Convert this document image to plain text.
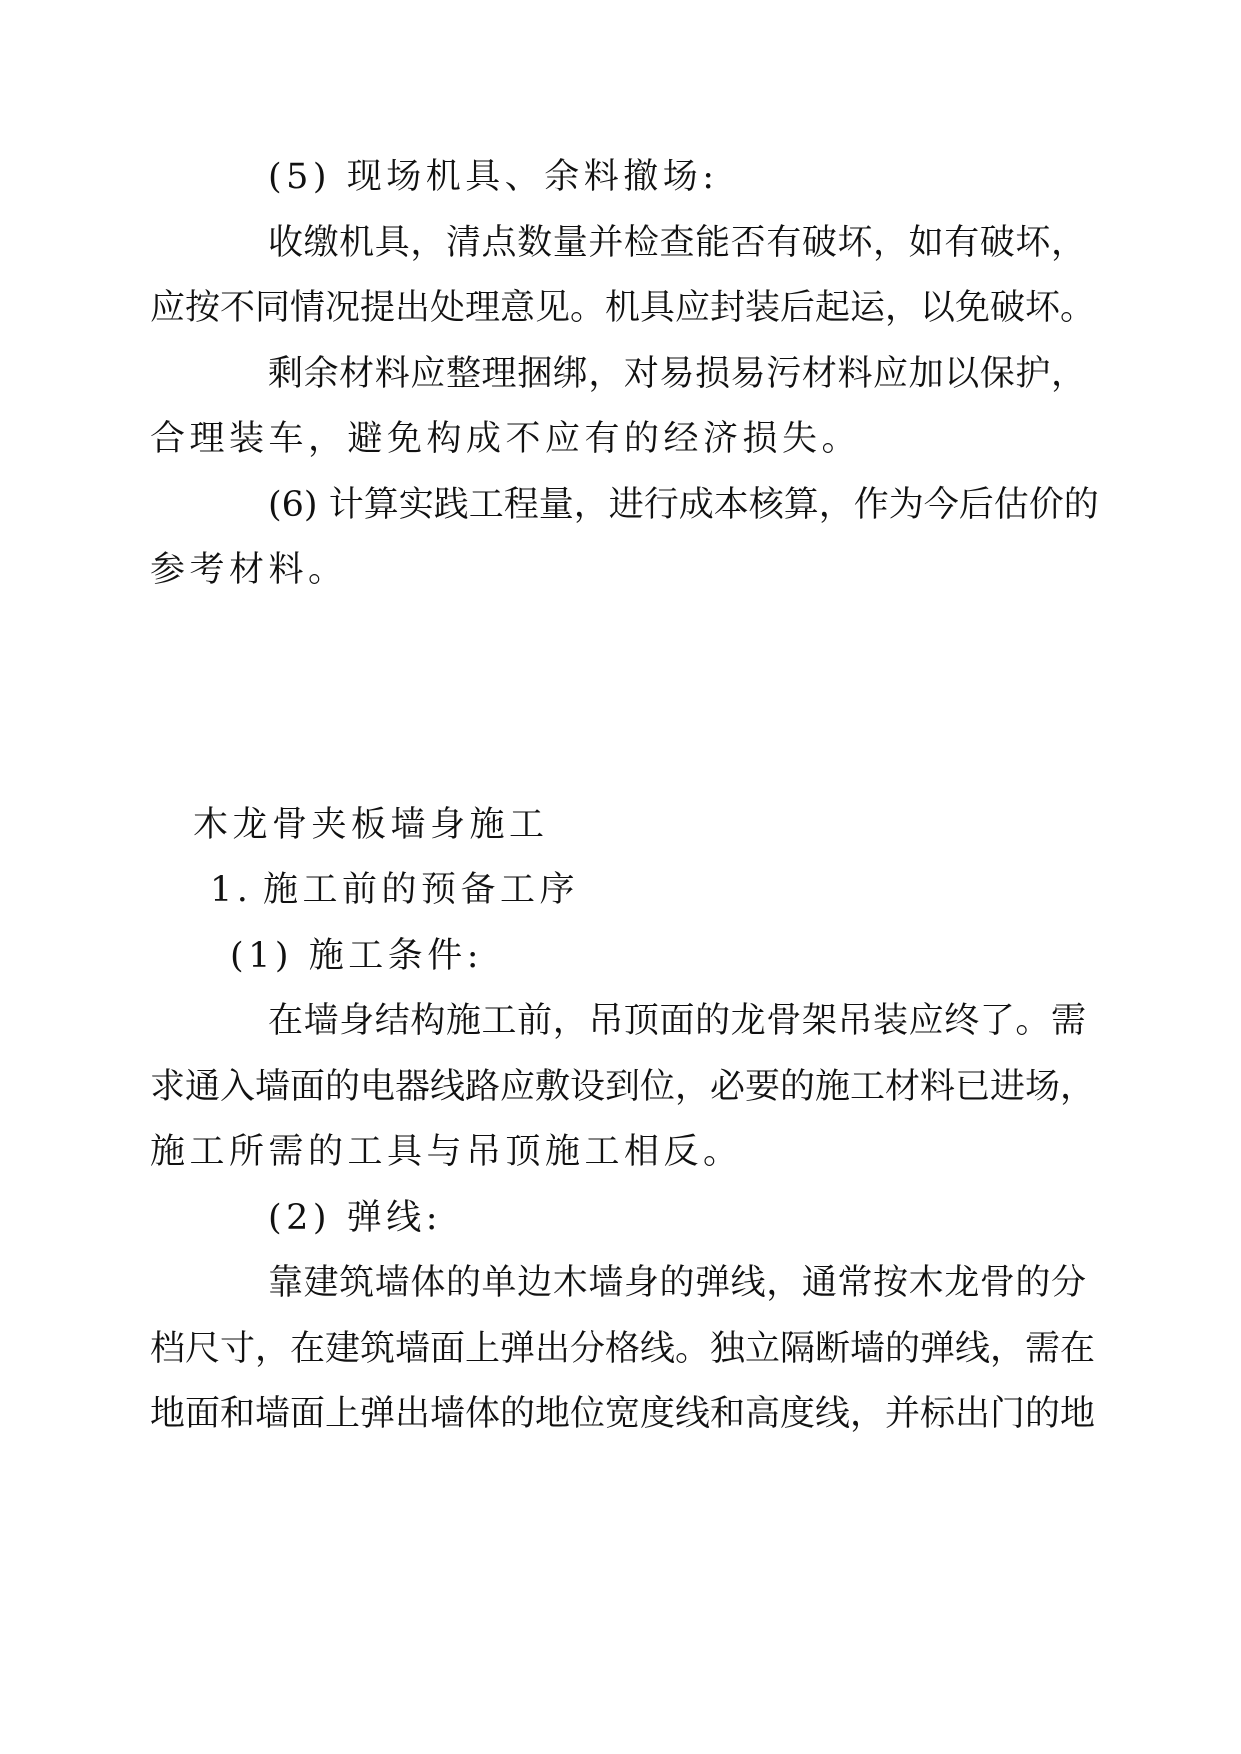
(5) 现场机具、余料撤场:
收缴机具，清点数量并检查能否有破坏，如有破坏，
应按不同情况提出处理意见。机具应封装后起运，以免破坏。
剩余材料应整理捆绑，对易损易污材料应加以保护，
合理装车，避免构成不应有的经济损失。
(6) 计算实践工程量，进行成本核算，作为今后估价的
参考材料。
木龙骨夹板墙身施工
1. 施工前的预备工序
(1) 施工条件:
在墙身结构施工前，吊顶面的龙骨架吊装应终了。需
求通入墙面的电器线路应敷设到位，必要的施工材料已进场，
施工所需的工具与吊顶施工相反。
(2) 弹线:
靠建筑墙体的单边木墙身的弹线，通常按木龙骨的分
档尺寸，在建筑墙面上弹出分格线。独立隔断墙的弹线，需在
地面和墙面上弹出墙体的地位宽度线和高度线，并标出门的地
